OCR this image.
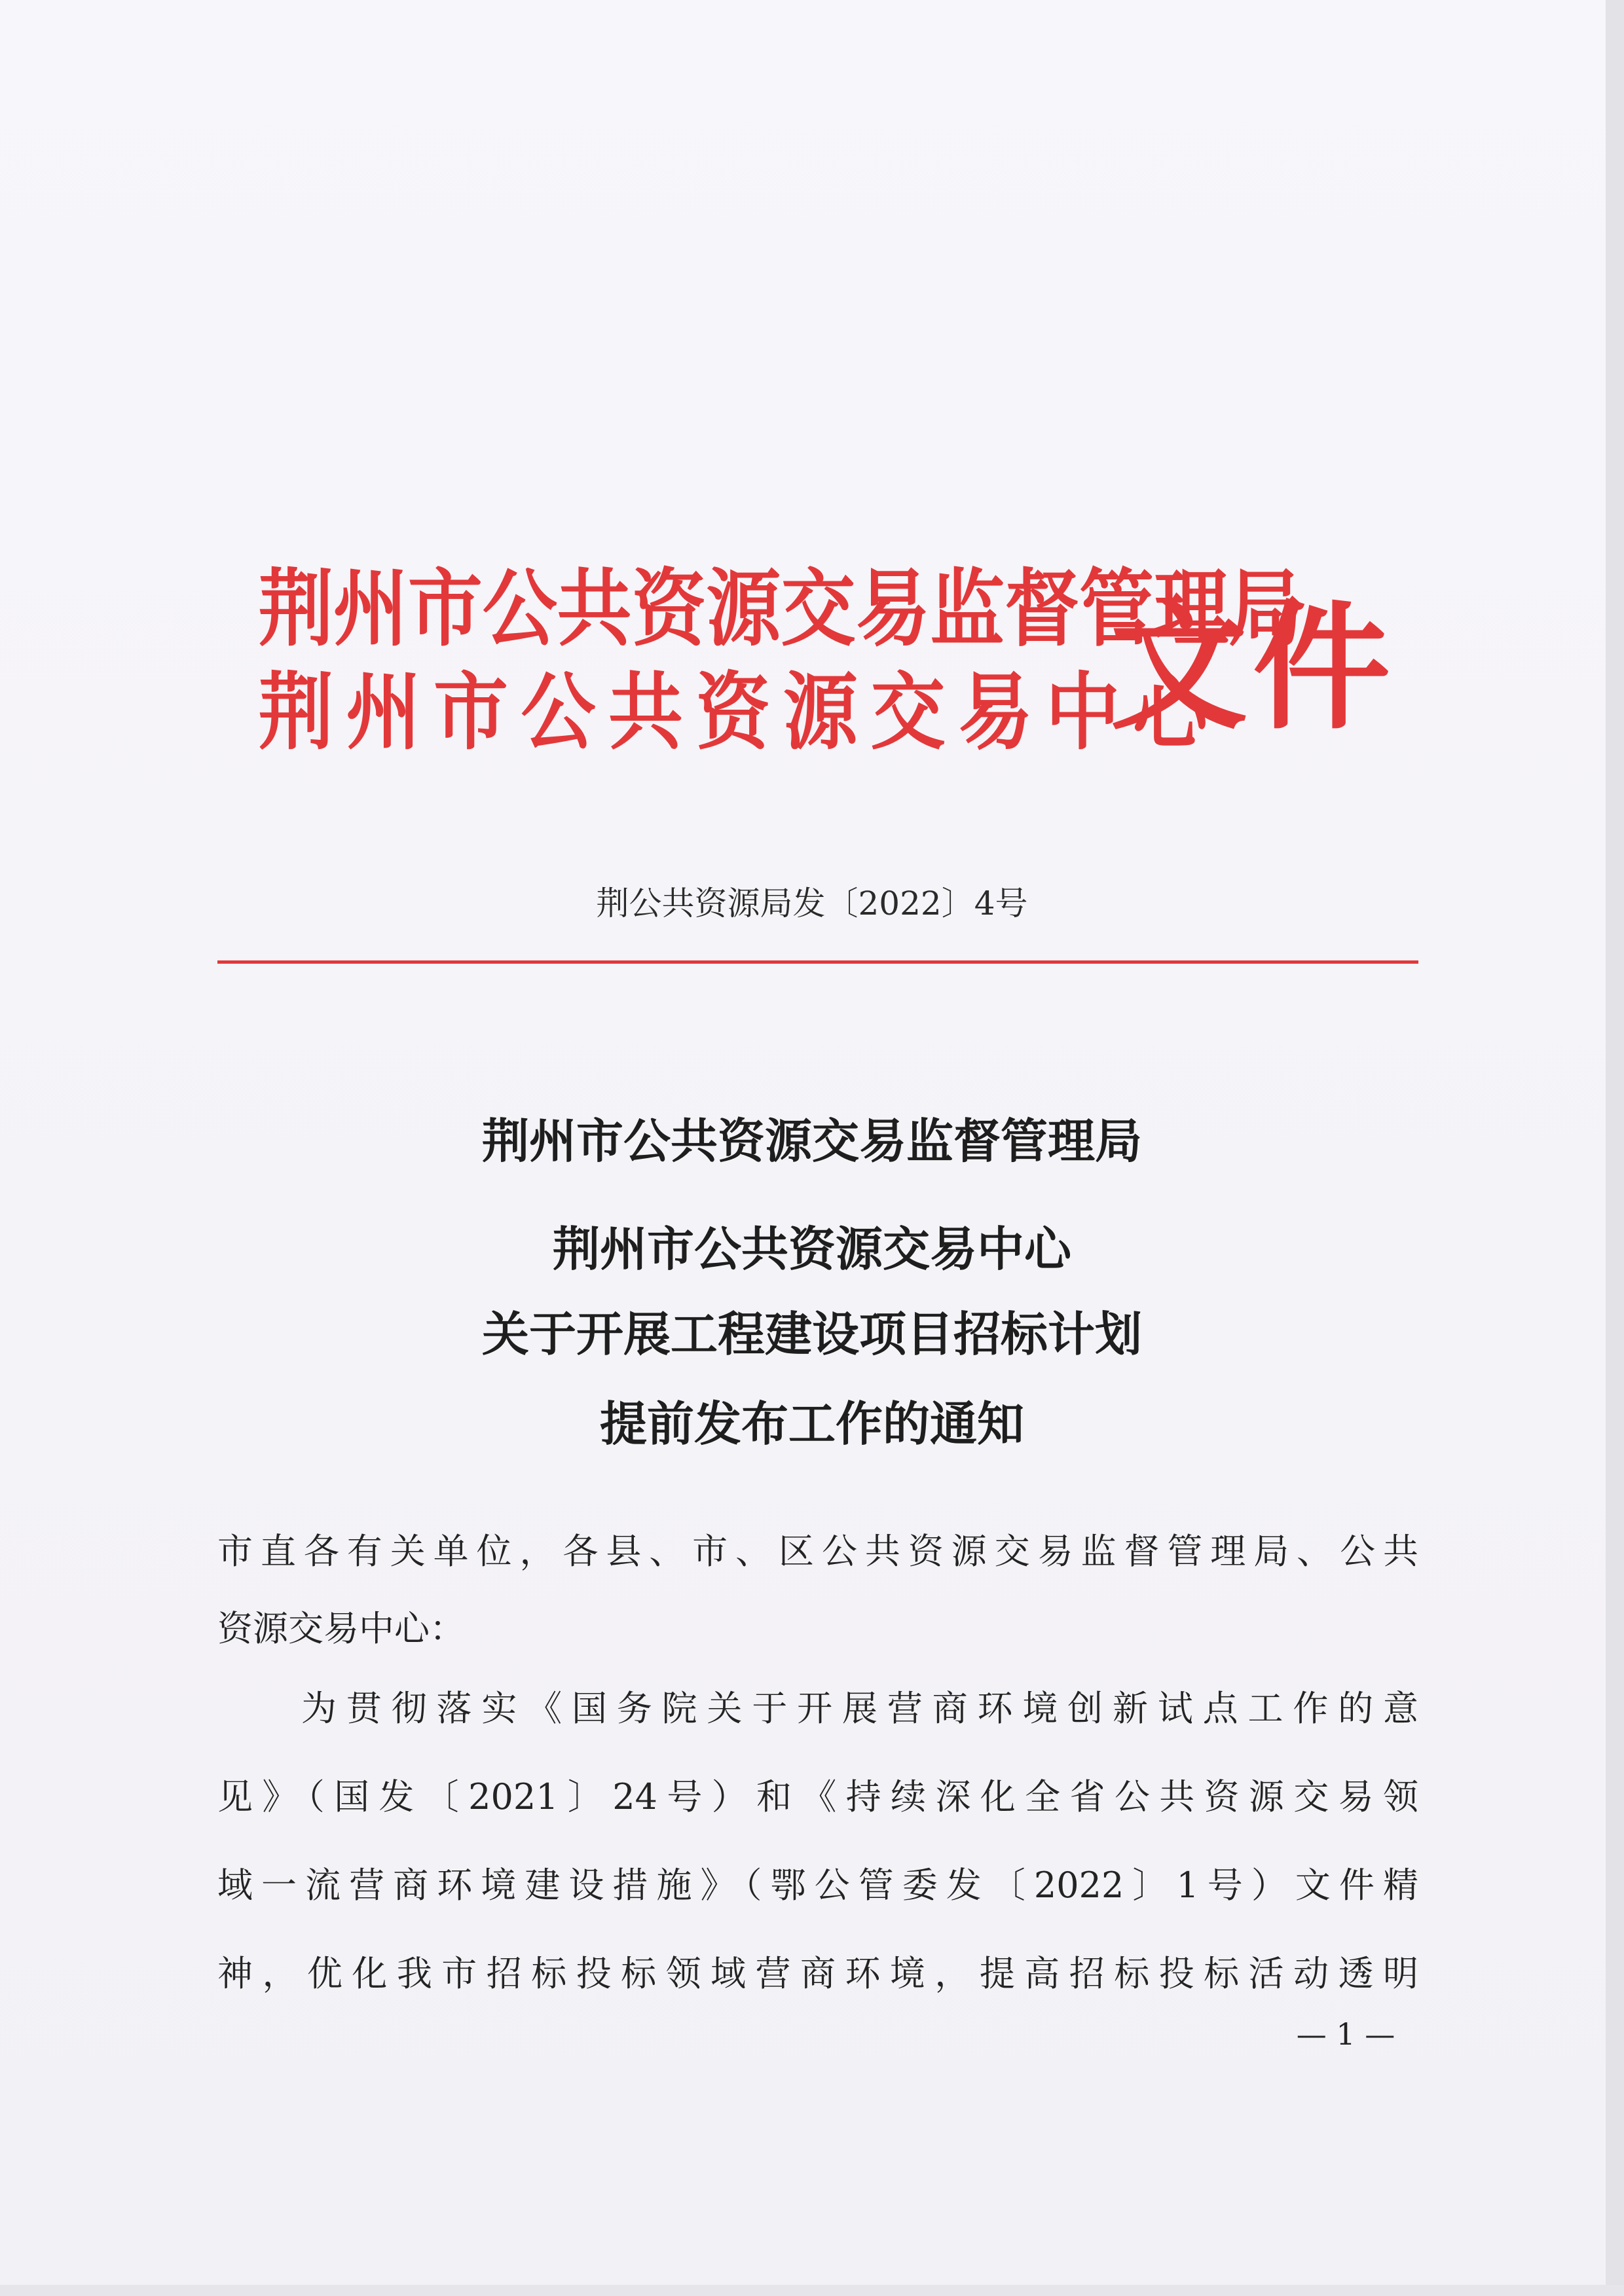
荆州市公共资源交易监督管理局
荆州市公共资源交易中心
文件
荆公共资源局发〔2022〕4号
荆州市公共资源交易监督管理局
荆州市公共资源交易中心
关于开展工程建设项目招标计划
提前发布工作的通知
市直各有关单位，各县、市、区公共资源交易监督管理局、公共
资源交易中心：
为贯彻落实《国务院关于开展营商环境创新试点工作的意
见》（国发〔2021〕24号）和《持续深化全省公共资源交易领
域一流营商环境建设措施》（鄂公管委发〔2022〕1号）文件精
神，优化我市招标投标领域营商环境，提高招标投标活动透明
— 1 —
